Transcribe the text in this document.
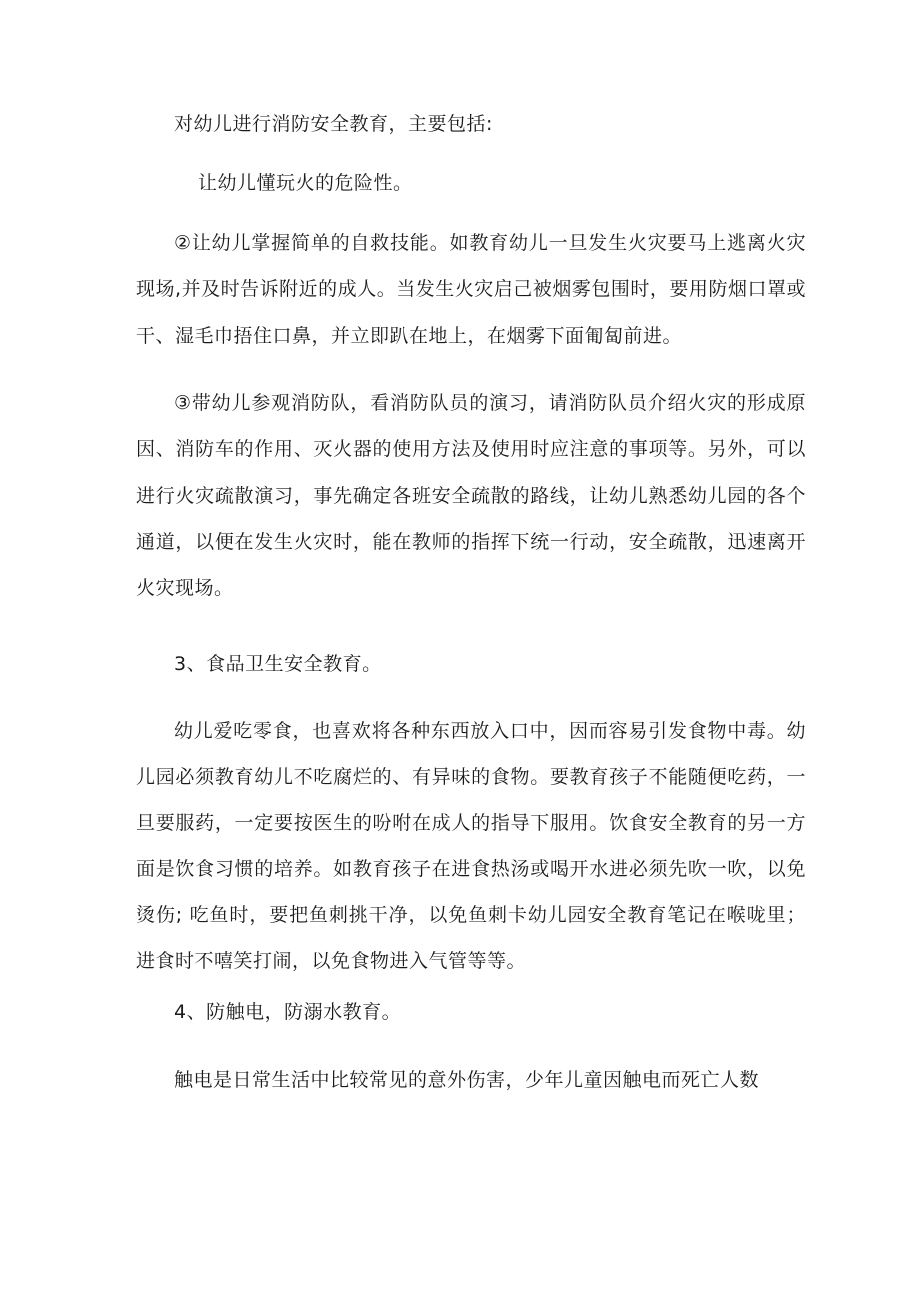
对幼儿进行消防安全教育，主要包括:

让幼儿懂玩火的危险性。

②让幼儿掌握简单的自救技能。如教育幼儿一旦发生火灾要马上逃离火灾现场,并及时告诉附近的成人。当发生火灾启己被烟雾包围时，要用防烟口罩或干、湿毛巾捂住口鼻，并立即趴在地上，在烟雾下面匍匐前进。

③带幼儿参观消防队，看消防队员的演习，请消防队员介绍火灾的形成原因、消防车的作用、灭火器的使用方法及使用时应注意的事项等。另外，可以进行火灾疏散演习，事先确定各班安全疏散的路线，让幼儿熟悉幼儿园的各个通道，以便在发生火灾时，能在教师的指挥下统一行动，安全疏散，迅速离开火灾现场。

3、食品卫生安全教育。

幼儿爱吃零食，也喜欢将各种东西放入口中，因而容易引发食物中毒。幼儿园必须教育幼儿不吃腐烂的、有异味的食物。要教育孩子不能随便吃药，一旦要服药，一定要按医生的吩咐在成人的指导下服用。饮食安全教育的另一方面是饮食习惯的培养。如教育孩子在进食热汤或喝开水进必须先吹一吹，以免烫伤; 吃鱼时，要把鱼刺挑干净，以免鱼刺卡幼儿园安全教育笔记在喉咙里；进食时不嘻笑打闹，以免食物进入气管等等。

4、防触电，防溺水教育。

触电是日常生活中比较常见的意外伤害，少年儿童因触电而死亡人数
